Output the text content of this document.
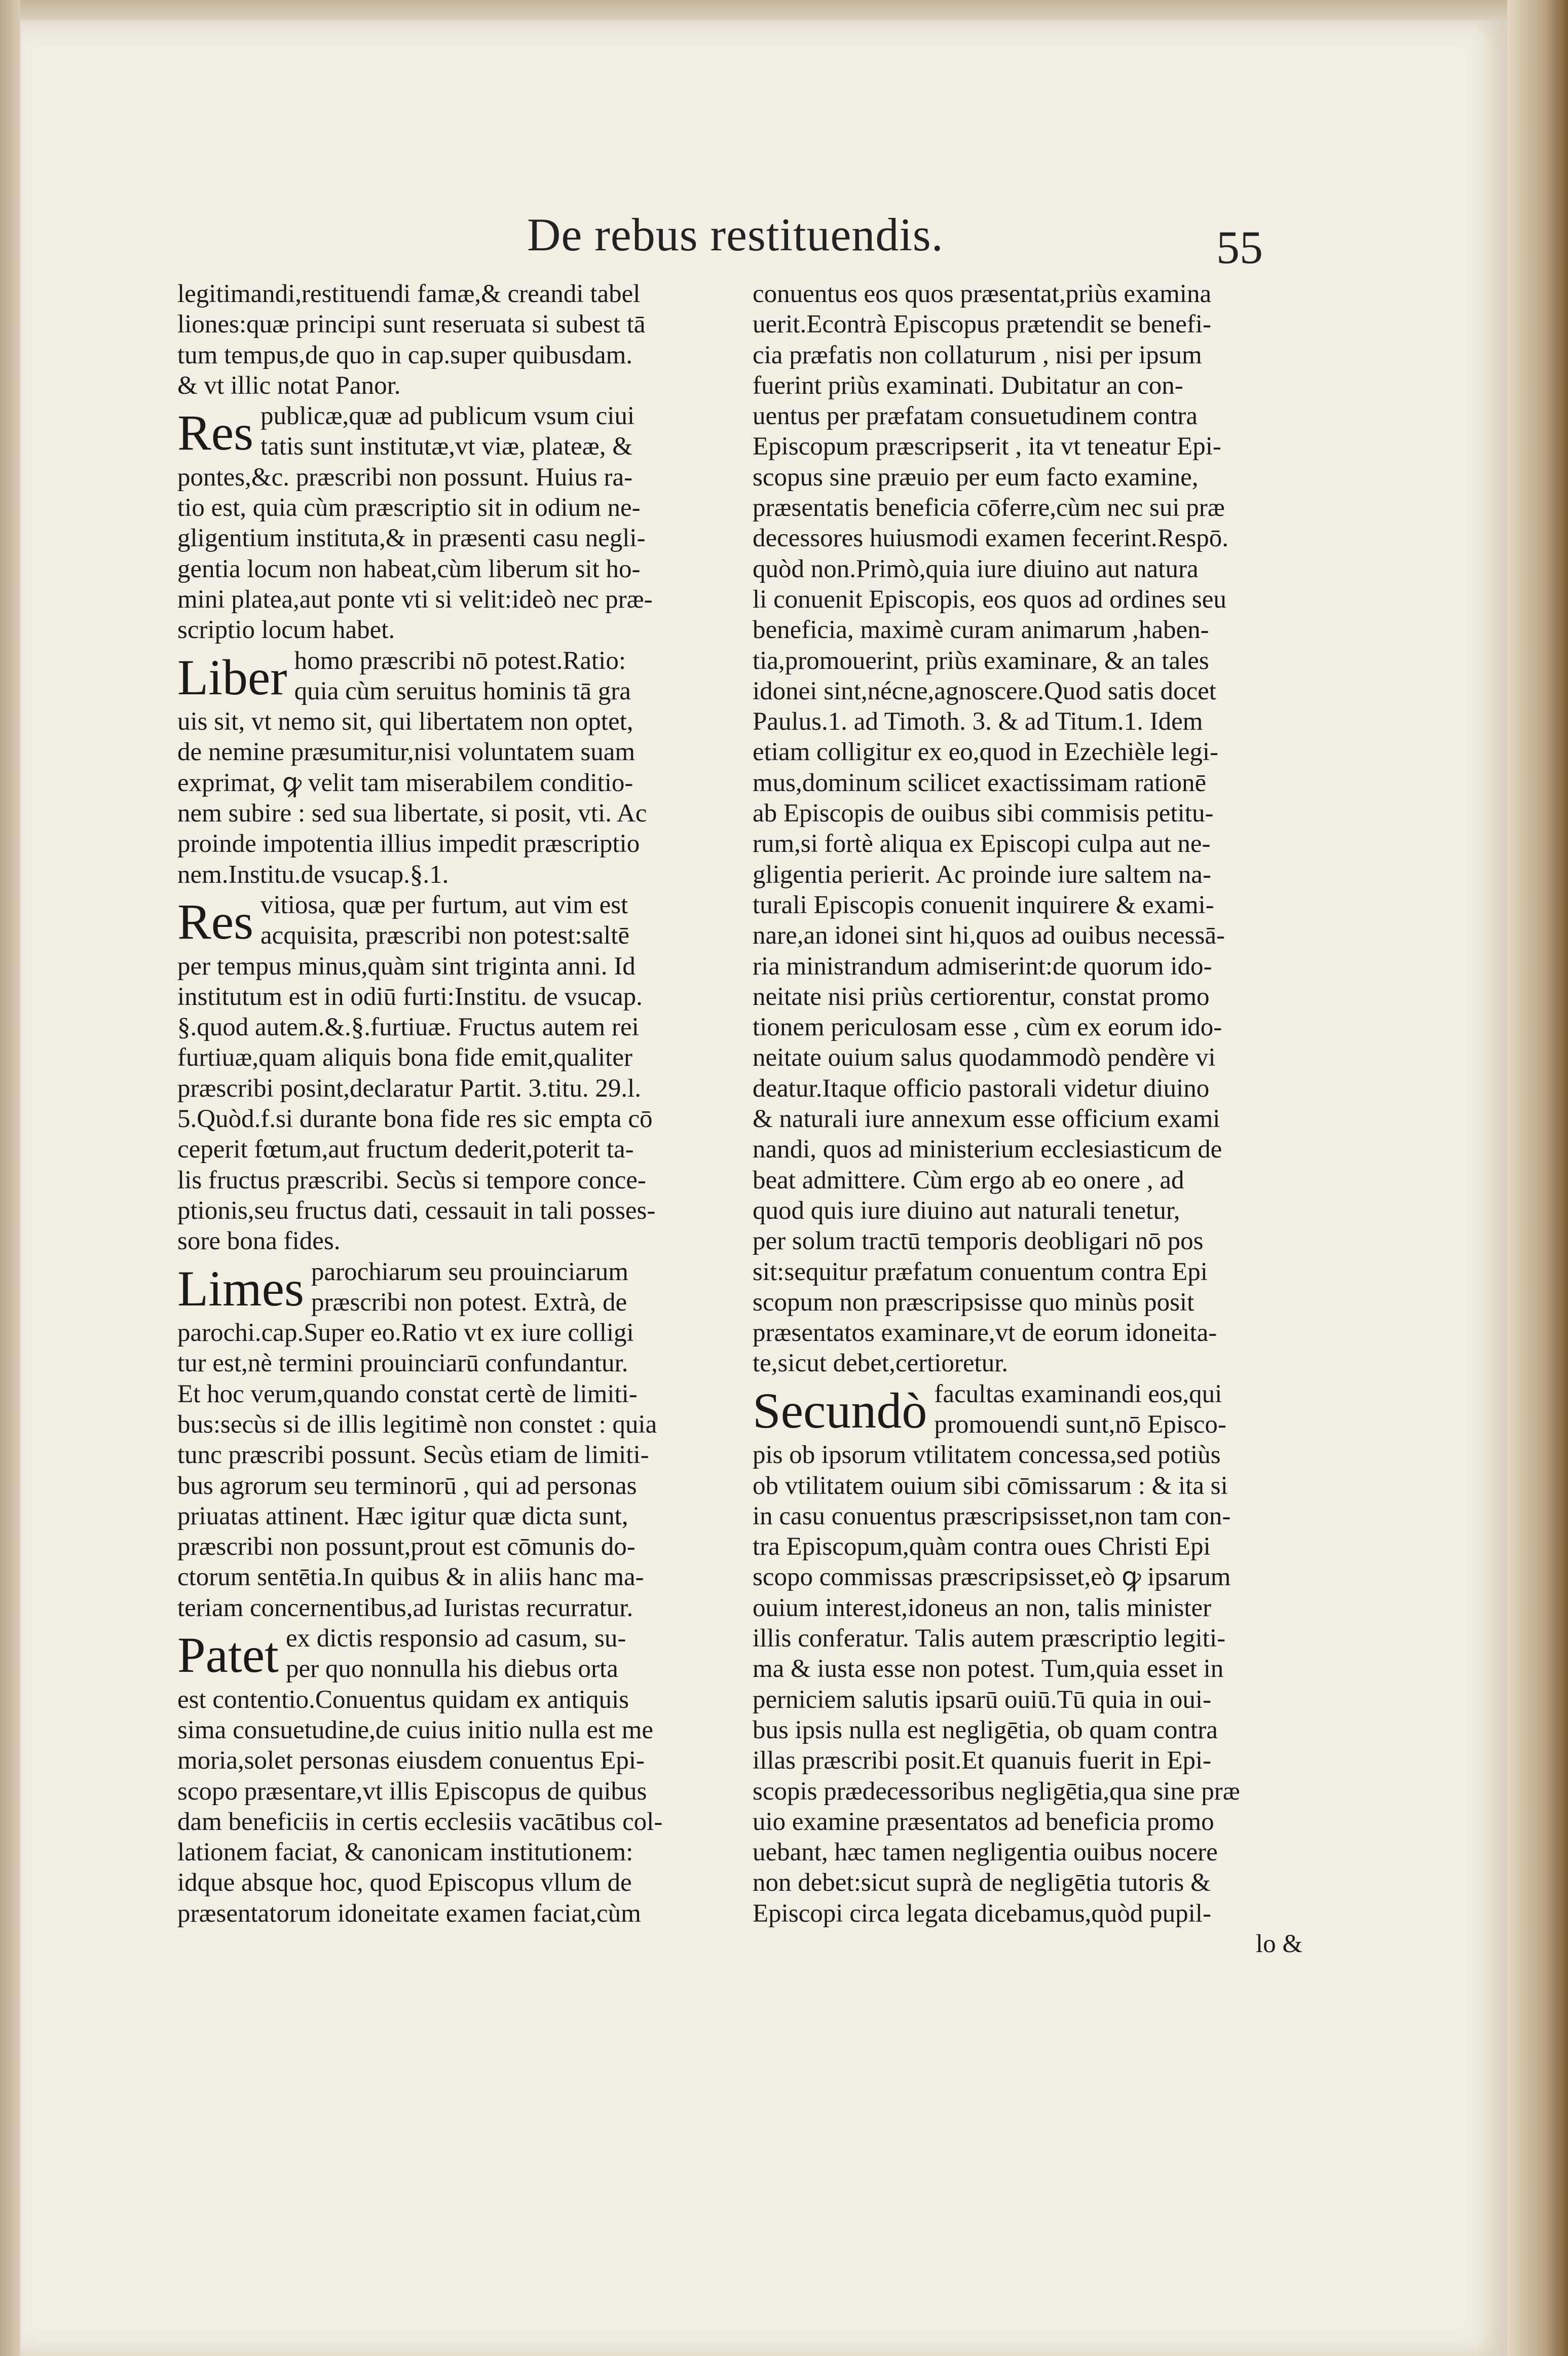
De rebus restituendis.	55
legitimandi,restituendi famæ,& creandi tabel
liones:quæ principi sunt reseruata si subest tā
tum tempus,de quo in cap.super quibusdam.
& vt illic notat Panor.
Res publicæ,quæ ad publicum vsum ciui
tatis sunt institutæ,vt viæ, plateæ, &
pontes,&c. præscribi non possunt. Huius ra-
tio est, quia cùm præscriptio sit in odium ne-
gligentium instituta,& in præsenti casu negli-
gentia locum non habeat,cùm liberum sit ho-
mini platea,aut ponte vti si velit:ideò nec præ-
scriptio locum habet.
Liber homo præscribi nō potest.Ratio:
quia cùm seruitus hominis tā gra
uis sit, vt nemo sit, qui libertatem non optet,
de nemine præsumitur,nisi voluntatem suam
exprimat, ꝙ velit tam miserabilem conditio-
nem subire : sed sua libertate, si posit, vti. Ac
proinde impotentia illius impedit præscriptio
nem.Institu.de vsucap.§.1.
Res vitiosa, quæ per furtum, aut vim est
acquisita, præscribi non potest:saltē
per tempus minus,quàm sint triginta anni. Id
institutum est in odiū furti:Institu. de vsucap.
§.quod autem.&.§.furtiuæ. Fructus autem rei
furtiuæ,quam aliquis bona fide emit,qualiter
præscribi posint,declaratur Partit. 3.titu. 29.l.
5.Quòd.f.si durante bona fide res sic empta cō
ceperit fœtum,aut fructum dederit,poterit ta-
lis fructus præscribi. Secùs si tempore conce-
ptionis,seu fructus dati, cessauit in tali posses-
sore bona fides.
Limes parochiarum seu prouinciarum
præscribi non potest. Extrà, de
parochi.cap.Super eo.Ratio vt ex iure colligi
tur est,nè termini prouinciarū confundantur.
Et hoc verum,quando constat certè de limiti-
bus:secùs si de illis legitimè non constet : quia
tunc præscribi possunt. Secùs etiam de limiti-
bus agrorum seu terminorū , qui ad personas
priuatas attinent. Hæc igitur quæ dicta sunt,
præscribi non possunt,prout est cōmunis do-
ctorum sentētia.In quibus & in aliis hanc ma-
teriam concernentibus,ad Iuristas recurratur.
Patet ex dictis responsio ad casum, su-
per quo nonnulla his diebus orta
est contentio.Conuentus quidam ex antiquis
sima consuetudine,de cuius initio nulla est me
moria,solet personas eiusdem conuentus Epi-
scopo præsentare,vt illis Episcopus de quibus
dam beneficiis in certis ecclesiis vacātibus col-
lationem faciat, & canonicam institutionem:
idque absque hoc, quod Episcopus vllum de
præsentatorum idoneitate examen faciat,cùm
conuentus eos quos præsentat,priùs examina
uerit.Econtrà Episcopus prætendit se benefi-
cia præfatis non collaturum , nisi per ipsum
fuerint priùs examinati. Dubitatur an con-
uentus per præfatam consuetudinem contra
Episcopum præscripserit , ita vt teneatur Epi-
scopus sine præuio per eum facto examine,
præsentatis beneficia cōferre,cùm nec sui præ
decessores huiusmodi examen fecerint.Respō.
quòd non.Primò,quia iure diuino aut natura
li conuenit Episcopis, eos quos ad ordines seu
beneficia, maximè curam animarum ,haben-
tia,promouerint, priùs examinare, & an tales
idonei sint,nécne,agnoscere.Quod satis docet
Paulus.1. ad Timoth. 3. & ad Titum.1. Idem
etiam colligitur ex eo,quod in Ezechièle legi-
mus,dominum scilicet exactissimam rationē
ab Episcopis de ouibus sibi commisis petitu-
rum,si fortè aliqua ex Episcopi culpa aut ne-
gligentia perierit. Ac proinde iure saltem na-
turali Episcopis conuenit inquirere & exami-
nare,an idonei sint hi,quos ad ouibus necessā-
ria ministrandum admiserint:de quorum ido-
neitate nisi priùs certiorentur, constat promo
tionem periculosam esse , cùm ex eorum ido-
neitate ouium salus quodammodò pendère vi
deatur.Itaque officio pastorali videtur diuino
& naturali iure annexum esse officium exami
nandi, quos ad ministerium ecclesiasticum de
beat admittere. Cùm ergo ab eo onere , ad
quod quis iure diuino aut naturali tenetur,
per solum tractū temporis deobligari nō pos
sit:sequitur præfatum conuentum contra Epi
scopum non præscripsisse quo minùs posit
præsentatos examinare,vt de eorum idoneita-
te,sicut debet,certioretur.
Secundò facultas examinandi eos,qui
promouendi sunt,nō Episco-
pis ob ipsorum vtilitatem concessa,sed potiùs
ob vtilitatem ouium sibi cōmissarum : & ita si
in casu conuentus præscripsisset,non tam con-
tra Episcopum,quàm contra oues Christi Epi
scopo commissas præscripsisset,eò ꝙ ipsarum
ouium interest,idoneus an non, talis minister
illis conferatur. Talis autem præscriptio legiti-
ma & iusta esse non potest. Tum,quia esset in
perniciem salutis ipsarū ouiū.Tū quia in oui-
bus ipsis nulla est negligētia, ob quam contra
illas præscribi posit.Et quanuis fuerit in Epi-
scopis prædecessoribus negligētia,qua sine præ
uio examine præsentatos ad beneficia promo
uebant, hæc tamen negligentia ouibus nocere
non debet:sicut suprà de negligētia tutoris &
Episcopi circa legata dicebamus,quòd pupil-
lo &
